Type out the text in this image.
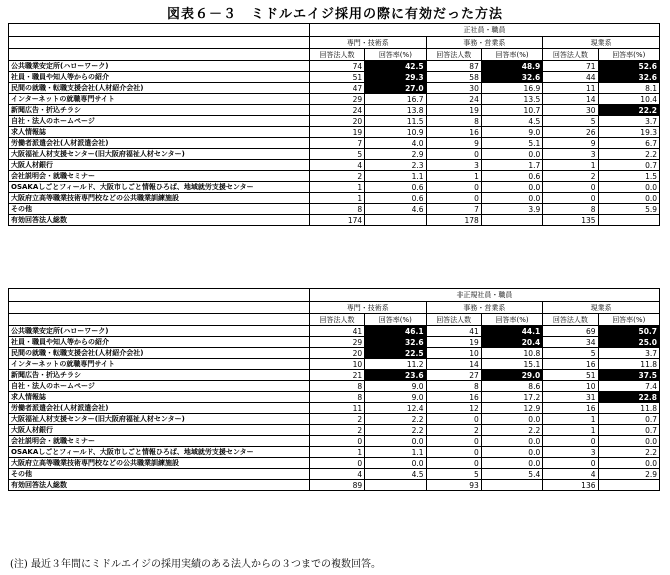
図表６－３　ミドルエイジ採用の際に有効だった方法
	正社員・職員					
	専門・技術系		事務・営業系		現業系	
	回答法人数	回答率(%)	回答法人数	回答率(%)	回答法人数	回答率(%)
公共職業安定所(ハローワーク)	74	42.5	87	48.9	71	52.6
社員・職員や知人等からの紹介	51	29.3	58	32.6	44	32.6
民間の就職・転職支援会社(人材紹介会社)	47	27.0	30	16.9	11	8.1
インターネットの就職専門サイト	29	16.7	24	13.5	14	10.4
新聞広告・折込チラシ	24	13.8	19	10.7	30	22.2
自社・法人のホームページ	20	11.5	8	4.5	5	3.7
求人情報誌	19	10.9	16	9.0	26	19.3
労働者派遣会社(人材派遣会社)	7	4.0	9	5.1	9	6.7
大阪福祉人材支援センター(旧大阪府福祉人材センター)	5	2.9	0	0.0	3	2.2
大阪人材銀行	4	2.3	3	1.7	1	0.7
会社説明会・就職セミナー	2	1.1	1	0.6	2	1.5
OSAKAしごとフィールド、大阪市しごと情報ひろば、地域就労支援センター	1	0.6	0	0.0	0	0.0
大阪府立高等職業技術専門校などの公共職業訓練施設	1	0.6	0	0.0	0	0.0
その他	8	4.6	7	3.9	8	5.9
有効回答法人総数	174		178		135	
	非正規社員・職員					
	専門・技術系		事務・営業系		現業系	
	回答法人数	回答率(%)	回答法人数	回答率(%)	回答法人数	回答率(%)
公共職業安定所(ハローワーク)	41	46.1	41	44.1	69	50.7
社員・職員や知人等からの紹介	29	32.6	19	20.4	34	25.0
民間の就職・転職支援会社(人材紹介会社)	20	22.5	10	10.8	5	3.7
インターネットの就職専門サイト	10	11.2	14	15.1	16	11.8
新聞広告・折込チラシ	21	23.6	27	29.0	51	37.5
自社・法人のホームページ	8	9.0	8	8.6	10	7.4
求人情報誌	8	9.0	16	17.2	31	22.8
労働者派遣会社(人材派遣会社)	11	12.4	12	12.9	16	11.8
大阪福祉人材支援センター(旧大阪府福祉人材センター)	2	2.2	0	0.0	1	0.7
大阪人材銀行	2	2.2	2	2.2	1	0.7
会社説明会・就職セミナー	0	0.0	0	0.0	0	0.0
OSAKAしごとフィールド、大阪市しごと情報ひろば、地域就労支援センター	1	1.1	0	0.0	3	2.2
大阪府立高等職業技術専門校などの公共職業訓練施設	0	0.0	0	0.0	0	0.0
その他	4	4.5	5	5.4	4	2.9
有効回答法人総数	89		93		136	
(注) 最近３年間にミドルエイジの採用実績のある法人からの３つまでの複数回答。
